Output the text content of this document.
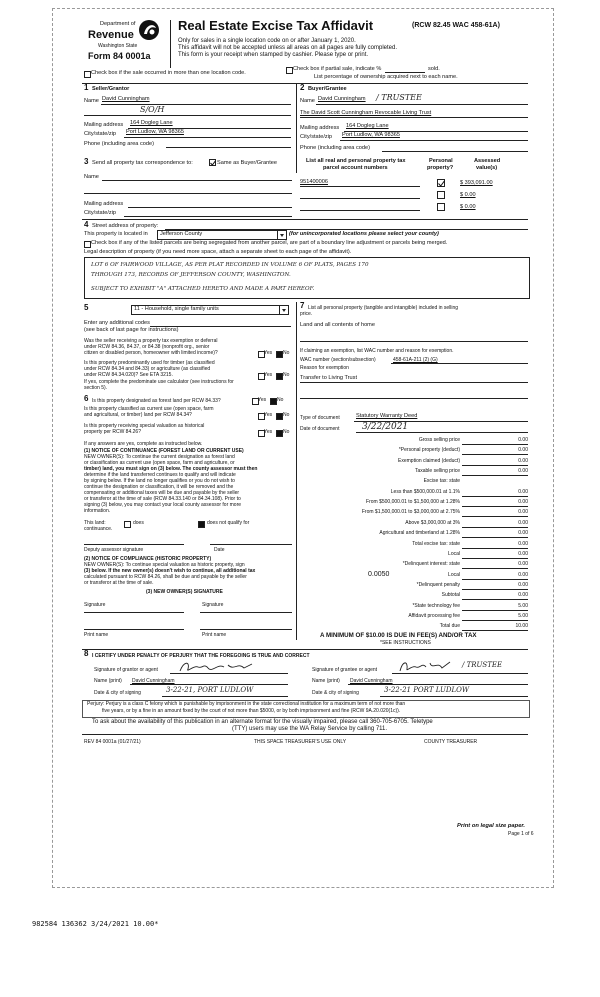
Department of
Revenue
Washington State
Form 84 0001a
Real Estate Excise Tax Affidavit	(RCW 82.45 WAC 458-61A)
Only for sales in a single location code on or after January 1, 2020.
This affidavit will not be accepted unless all areas on all pages are fully completed.
This form is your receipt when stamped by cashier. Please type or print.
Check box if the sale occurred in more than one location code.
Check box if partial sale, indicate %	sold.
List percentage of ownership acquired next to each name.
1 Seller/Grantor
Name David Cunningham
S/O/H
Mailing address 164 Dogleg Lane
City/state/zip Port Ludlow, WA 98365
Phone (including area code)
2 Buyer/Grantee
Name David Cunningham / TRUSTEE
The David Scott Cunningham Revocable Living Trust
Mailing address 164 Dogleg Lane
City/state/zip Port Ludlow, WA 98365
Phone (including area code)
3 Send all property tax correspondence to:	Same as Buyer/Grantee
Name
Mailing address
City/state/zip
List all real and personal property tax
parcel account numbers
Personal
property?
Assessed
value(s)
951400006	$ 393,091.00
$ 0.00
$ 0.00
4 Street address of property:
This property is located in Jefferson County	(for unincorporated locations please select your county)
Check box if any of the listed parcels are being segregated from another parcel, are part of a boundary line adjustment or parcels being merged.
Legal description of property (if you need more space, attach a separate sheet to each page of the affidavit).
LOT 6 OF FAIRWOOD VILLAGE, AS PER PLAT RECORDED IN VOLUME 6 OF PLATS, PAGES 170
THROUGH 173, RECORDS OF JEFFERSON COUNTY, WASHINGTON.
SUBJECT TO EXHIBIT "A" ATTACHED HERETO AND MADE A PART HEREOF.
5	11 - Household, single family units
Enter any additional codes
(see back of last page for instructions)
Was the seller receiving a property tax exemption or deferral
under RCW 84.36, 84.37, or 84.38 (nonprofit org., senior
citizen or disabled person, homeowner with limited income)?	Yes No
Is this property predominantly used for timber (as classified
under RCW 84.34 and 84.33) or agriculture (as classified
under RCW 84.34.020)? See ETA 3215.	Yes No
If yes, complete the predominate use calculator (see instructions for
section 5).
6 Is this property designated as forest land per RCW 84.33?	Yes No
Is this property classified as current use (open space, farm
and agricultural, or timber) land per RCW 84.34?	Yes No
Is this property receiving special valuation as historical
property per RCW 84.26?	Yes No
If any answers are yes, complete as instructed below.
(1) NOTICE OF CONTINUANCE (FOREST LAND OR CURRENT USE)
NEW OWNER(S): To continue the current designation as forest land
or classification as current use (open space, farm and agriculture, or
timber) land, you must sign on (3) below. The county assessor must then
determine if the land transferred continues to qualify and will indicate
by signing below. If the land no longer qualifies or you do not wish to
continue the designation or classification, it will be removed and the
compensating or additional taxes will be due and payable by the seller
or transferor at the time of sale (RCW 84.33.140 or 84.34.108). Prior to
signing (3) below, you may contact your local county assessor for more
information.
This land:	does	does not qualify for
continuance.
Deputy assessor signature	Date
(2) NOTICE OF COMPLIANCE (HISTORIC PROPERTY)
NEW OWNER(S): To continue special valuation as historic property, sign
(3) below. If the new owner(s) doesn't wish to continue, all additional tax
calculated pursuant to RCW 84.26, shall be due and payable by the seller
or transferor at the time of sale.
(3) NEW OWNER(S) SIGNATURE
Signature	Signature
Print name	Print name
7 List all personal property (tangible and intangible) included in selling
price.
Land and all contents of home
If claiming an exemption, list WAC number and reason for exemption.
WAC number (section/subsection)	458-61A-211 (2) (G)
Reason for exemption
Transfer to Living Trust
Type of document	Statutory Warranty Deed
Date of document	3/22/2021
Gross selling price	0.00
*Personal property (deduct)	0.00
Exemption claimed (deduct)	0.00
Taxable selling price	0.00
Excise tax: state
Less than $500,000.01 at 1.1%	0.00
From $500,000.01 to $1,500,000 at 1.28%	0.00
From $1,500,000.01 to $3,000,000 at 2.75%	0.00
Above $3,000,000 at 3%	0.00
Agricultural and timberland at 1.28%	0.00
Total excise tax: state	0.00
Local	0.00
*Delinquent interest: state	0.00
Local	0.00
*Delinquent penalty	0.00
Subtotal	0.00
*State technology fee	5.00
Affidavit processing fee	5.00
Total due	10.00
0.0050
A MINIMUM OF $10.00 IS DUE IN FEE(S) AND/OR TAX
*SEE INSTRUCTIONS
8 I CERTIFY UNDER PENALTY OF PERJURY THAT THE FOREGOING IS TRUE AND CORRECT
Signature of grantor or agent	Signature of grantee or agent
/ TRUSTEE
Name (print) David Cunningham	Name (print) David Cunningham
Date & city of signing	3-22-21, PORT LUDLOW	Date & city of signing	3-22-21 PORT LUDLOW
Perjury: Perjury is a class C felony which is punishable by imprisonment in the state correctional institution for a maximum term of not more than
five years, or by a fine in an amount fixed by the court of not more than $5000, or by both imprisonment and fine (RCW 9A.20.020(1c)).
To ask about the availability of this publication in an alternate format for the visually impaired, please call 360-705-6705. Teletype
(TTY) users may use the WA Relay Service by calling 711.
REV 84 0001a (01/27/21)	THIS SPACE TREASURER'S USE ONLY	COUNTY TREASURER
Print on legal size paper.
Page 1 of 6
982584 136362 3/24/2021 10.00*
